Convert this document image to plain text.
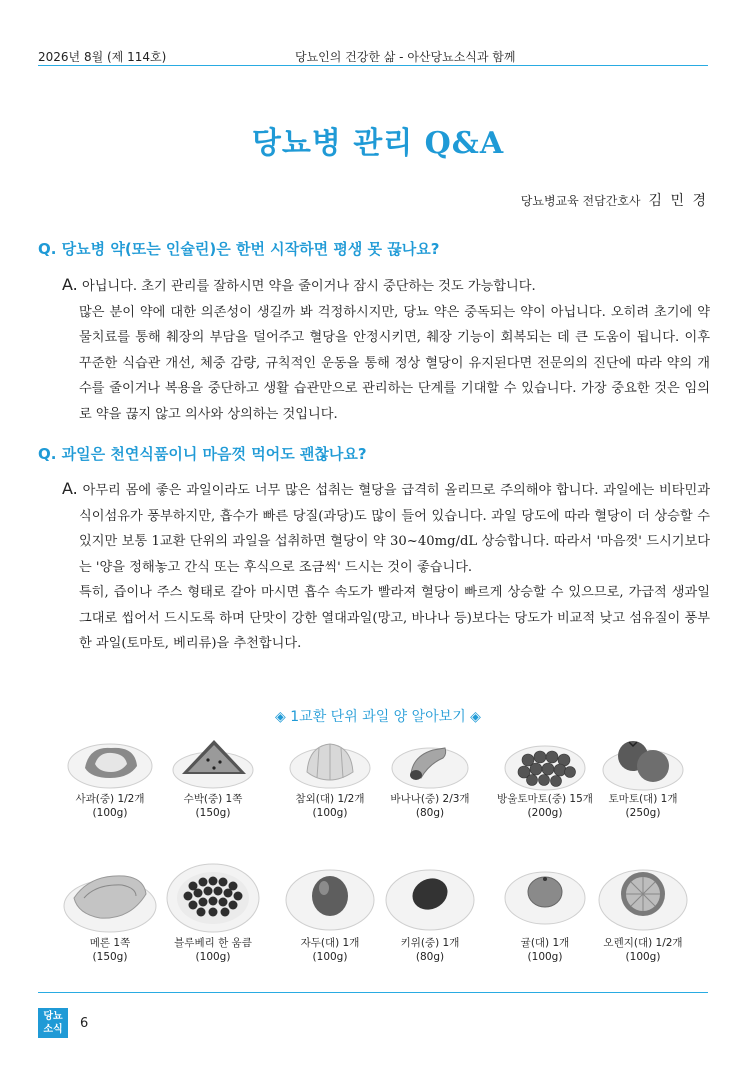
2026년 8월 (제 114호)	당뇨인의 건강한 삶 - 아산당뇨소식과 함께
당뇨병 관리 Q&A
당뇨병교육 전담간호사 김 민 경
Q. 당뇨병 약(또는 인슐린)은 한번 시작하면 평생 못 끊나요?

A. 아닙니다. 초기 관리를 잘하시면 약을 줄이거나 잠시 중단하는 것도 가능합니다.

많은 분이 약에 대한 의존성이 생길까 봐 걱정하시지만, 당뇨 약은 중독되는 약이 아닙니다. 오히려 초기에 약물치료를 통해 췌장의 부담을 덜어주고 혈당을 안정시키면, 췌장 기능이 회복되는 데 큰 도움이 됩니다. 이후 꾸준한 식습관 개선, 체중 감량, 규칙적인 운동을 통해 정상 혈당이 유지된다면 전문의의 진단에 따라 약의 개수를 줄이거나 복용을 중단하고 생활 습관만으로 관리하는 단계를 기대할 수 있습니다. 가장 중요한 것은 임의로 약을 끊지 않고 의사와 상의하는 것입니다.

Q. 과일은 천연식품이니 마음껏 먹어도 괜찮나요?

A. 아무리 몸에 좋은 과일이라도 너무 많은 섭취는 혈당을 급격히 올리므로 주의해야 합니다. 과일에는 비타민과 식이섬유가 풍부하지만, 흡수가 빠른 당질(과당)도 많이 들어 있습니다. 과일 당도에 따라 혈당이 더 상승할 수 있지만 보통 1교환 단위의 과일을 섭취하면 혈당이 약 30~40mg/dL 상승합니다. 따라서 '마음껏' 드시기보다는 '양을 정해놓고 간식 또는 후식으로 조금씩' 드시는 것이 좋습니다.

특히, 즙이나 주스 형태로 갈아 마시면 흡수 속도가 빨라져 혈당이 빠르게 상승할 수 있으므로, 가급적 생과일 그대로 씹어서 드시도록 하며 단맛이 강한 열대과일(망고, 바나나 등)보다는 당도가 비교적 낮고 섬유질이 풍부한 과일(토마토, 베리류)을 추천합니다.

◈ 1교환 단위 과일 양 알아보기 ◈
사과(중) 1/2개
(100g)
수박(중) 1쪽
(150g)
참외(대) 1/2개
(100g)
바나나(중) 2/3개
(80g)
방울토마토(중) 15개
(200g)
토마토(대) 1개
(250g)
메론 1쪽
(150g)
블루베리 한 움큼
(100g)
자두(대) 1개
(100g)
키위(중) 1개
(80g)
귤(대) 1개
(100g)
오렌지(대) 1/2개
(100g)
당뇨
소식	6
